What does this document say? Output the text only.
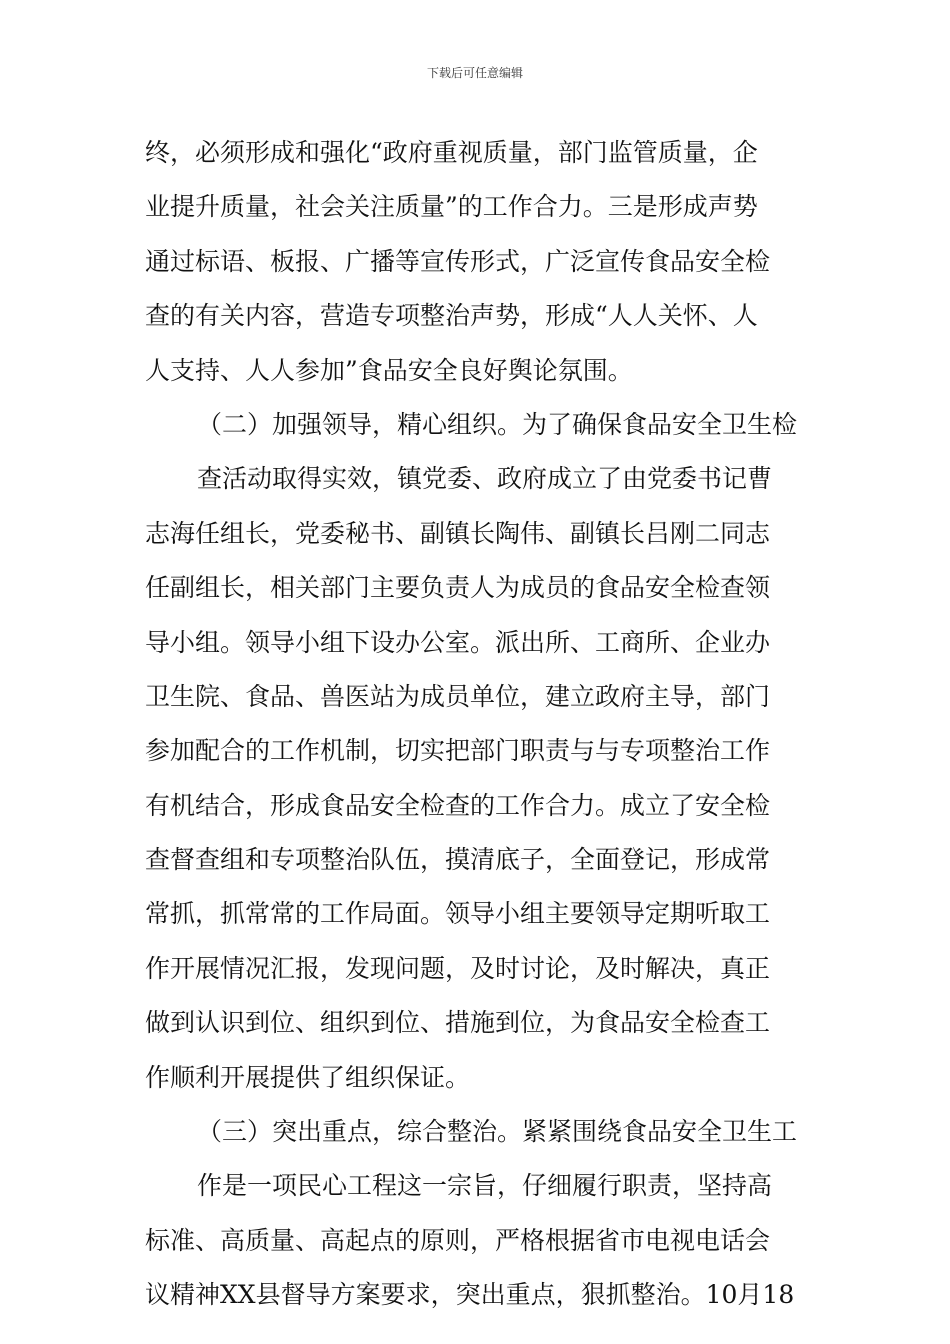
下载后可任意编辑
终，必须形成和强化“政府重视质量，部门监管质量，企
业提升质量，社会关注质量”的工作合力。三是形成声势
通过标语、板报、广播等宣传形式，广泛宣传食品安全检
查的有关内容，营造专项整治声势，形成“人人关怀、人
人支持、人人参加”食品安全良好舆论氛围。
（二）加强领导，精心组织。为了确保食品安全卫生检
查活动取得实效，镇党委、政府成立了由党委书记曹
志海任组长，党委秘书、副镇长陶伟、副镇长吕刚二同志
任副组长，相关部门主要负责人为成员的食品安全检查领
导小组。领导小组下设办公室。派出所、工商所、企业办
卫生院、食品、兽医站为成员单位，建立政府主导，部门
参加配合的工作机制，切实把部门职责与与专项整治工作
有机结合，形成食品安全检查的工作合力。成立了安全检
查督查组和专项整治队伍，摸清底子，全面登记，形成常
常抓，抓常常的工作局面。领导小组主要领导定期听取工
作开展情况汇报，发现问题，及时讨论，及时解决，真正
做到认识到位、组织到位、措施到位，为食品安全检查工
作顺利开展提供了组织保证。
（三）突出重点，综合整治。紧紧围绕食品安全卫生工
作是一项民心工程这一宗旨，仔细履行职责，坚持高
标准、高质量、高起点的原则，严格根据省市电视电话会
议精神XX县督导方案要求，突出重点，狠抓整治。10月18
